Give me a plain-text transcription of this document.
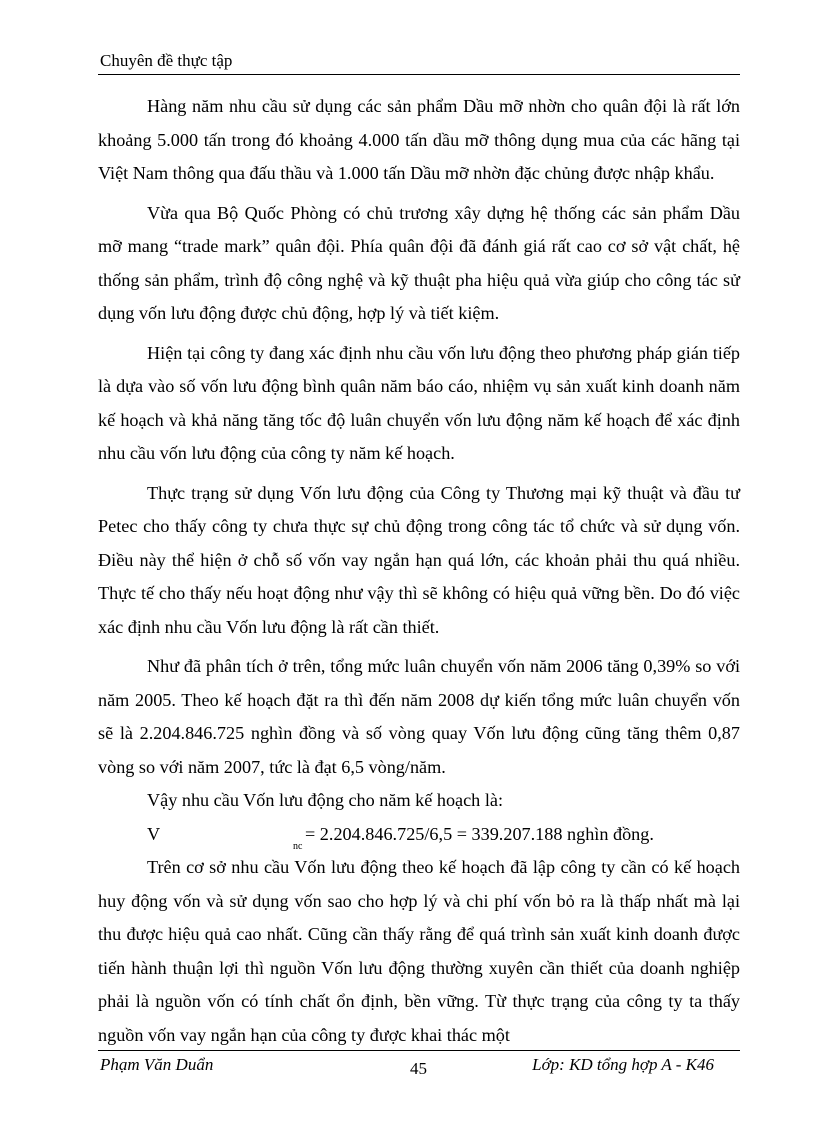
Chuyên đề thực tập

Hàng năm nhu cầu sử dụng các sản phẩm Dầu mỡ nhờn cho quân đội là rất lớn khoảng 5.000 tấn trong đó khoảng 4.000 tấn dầu mỡ thông dụng mua của các hãng tại Việt Nam thông qua đấu thầu và 1.000 tấn Dầu mỡ nhờn đặc chủng được nhập khẩu.

Vừa qua Bộ Quốc Phòng có chủ trương xây dựng hệ thống các sản phẩm Dầu mỡ mang “trade mark” quân đội. Phía quân đội đã đánh giá rất cao cơ sở vật chất, hệ thống sản phẩm, trình độ công nghệ và kỹ thuật pha hiệu quả vừa giúp cho công tác sử dụng vốn lưu động được chủ động, hợp lý và tiết kiệm.

Hiện tại công ty đang xác định nhu cầu vốn lưu động theo phương pháp gián tiếp là dựa vào số vốn lưu động bình quân năm báo cáo, nhiệm vụ sản xuất kinh doanh năm kế hoạch và khả năng tăng tốc độ luân chuyển vốn lưu động năm kế hoạch để xác định nhu cầu vốn lưu động của công ty năm kế hoạch.

Thực trạng sử dụng Vốn lưu động của Công ty Thương mại kỹ thuật và đầu tư Petec cho thấy công ty chưa thực sự chủ động trong công tác tổ chức và sử dụng vốn. Điều này thể hiện ở chỗ số vốn vay ngắn hạn quá lớn, các khoản phải thu quá nhiều. Thực tế cho thấy nếu hoạt động như vậy thì sẽ không có hiệu quả vững bền. Do đó việc xác định nhu cầu Vốn lưu động là rất cần thiết.

Như đã phân tích ở trên, tổng mức luân chuyển vốn năm 2006 tăng 0,39% so với năm 2005. Theo kế hoạch đặt ra thì đến năm 2008 dự kiến tổng mức luân chuyển vốn sẽ là 2.204.846.725 nghìn đồng và số vòng quay Vốn lưu động cũng tăng thêm 0,87 vòng so với năm 2007, tức là đạt 6,5 vòng/năm.

Vậy nhu cầu Vốn lưu động cho năm kế hoạch là:

V
nc
= 2.204.846.725/6,5 = 339.207.188 nghìn đồng.

Trên cơ sở nhu cầu Vốn lưu động theo kế hoạch đã lập công ty cần có kế hoạch huy động vốn và sử dụng vốn sao cho hợp lý và chi phí vốn bỏ ra là thấp nhất mà lại thu được hiệu quả cao nhất. Cũng cần thấy rằng để quá trình sản xuất kinh doanh được tiến hành thuận lợi thì nguồn Vốn lưu động thường xuyên cần thiết của doanh nghiệp phải là nguồn vốn có tính chất ổn định, bền vững. Từ thực trạng của công ty ta thấy nguồn vốn vay ngắn hạn của công ty được khai thác một

Phạm Văn Duẩn	45	Lớp: KD tổng hợp A - K46
